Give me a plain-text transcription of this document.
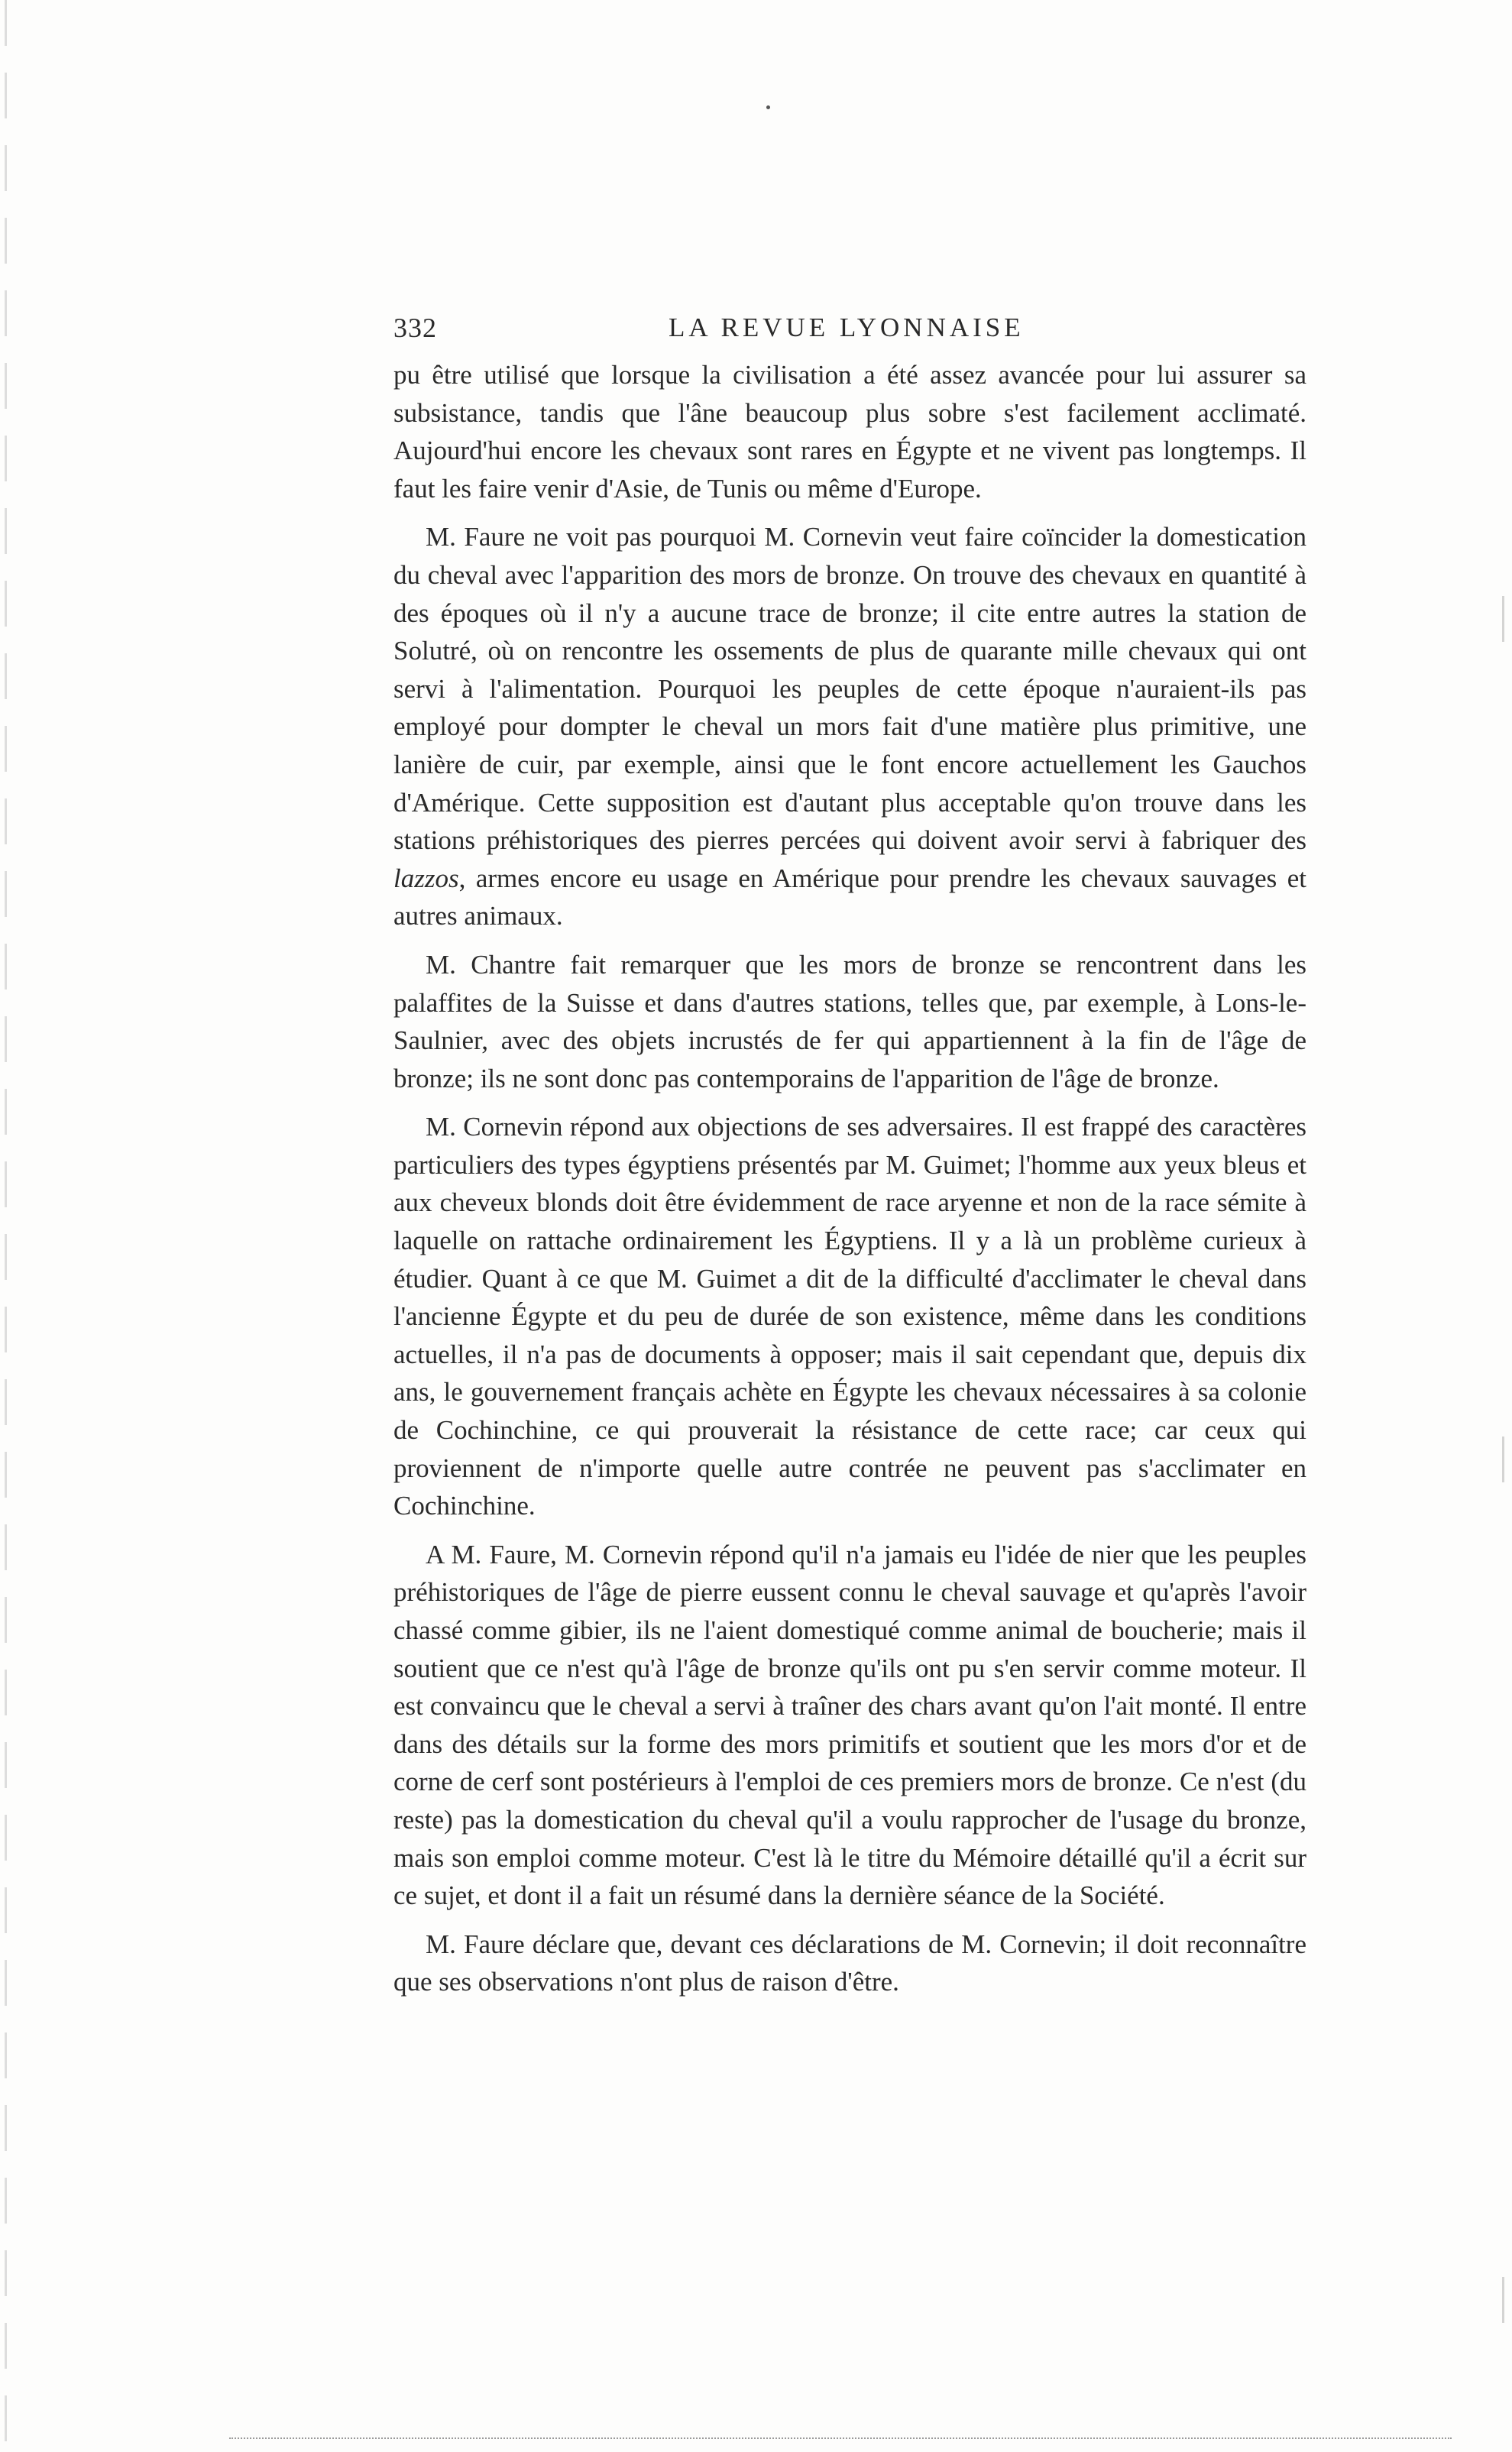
332	LA REVUE LYONNAISE

pu être utilisé que lorsque la civilisation a été assez avancée pour lui assurer sa subsistance, tandis que l'âne beaucoup plus sobre s'est facilement acclimaté. Aujourd'hui encore les chevaux sont rares en Égypte et ne vivent pas longtemps. Il faut les faire venir d'Asie, de Tunis ou même d'Europe.

M. Faure ne voit pas pourquoi M. Cornevin veut faire coïncider la domestication du cheval avec l'apparition des mors de bronze. On trouve des chevaux en quantité à des époques où il n'y a aucune trace de bronze; il cite entre autres la station de Solutré, où on rencontre les ossements de plus de quarante mille chevaux qui ont servi à l'alimentation. Pourquoi les peuples de cette époque n'auraient-ils pas employé pour dompter le cheval un mors fait d'une matière plus primitive, une lanière de cuir, par exemple, ainsi que le font encore actuellement les Gauchos d'Amérique. Cette supposition est d'autant plus acceptable qu'on trouve dans les stations préhistoriques des pierres percées qui doivent avoir servi à fabriquer des lazzos, armes encore eu usage en Amérique pour prendre les chevaux sauvages et autres animaux.

M. Chantre fait remarquer que les mors de bronze se rencontrent dans les palaffites de la Suisse et dans d'autres stations, telles que, par exemple, à Lons-le-Saulnier, avec des objets incrustés de fer qui appartiennent à la fin de l'âge de bronze; ils ne sont donc pas contemporains de l'apparition de l'âge de bronze.

M. Cornevin répond aux objections de ses adversaires. Il est frappé des caractères particuliers des types égyptiens présentés par M. Guimet; l'homme aux yeux bleus et aux cheveux blonds doit être évidemment de race aryenne et non de la race sémite à laquelle on rattache ordinairement les Égyptiens. Il y a là un problème curieux à étudier. Quant à ce que M. Guimet a dit de la difficulté d'acclimater le cheval dans l'ancienne Égypte et du peu de durée de son existence, même dans les conditions actuelles, il n'a pas de documents à opposer; mais il sait cependant que, depuis dix ans, le gouvernement français achète en Égypte les chevaux nécessaires à sa colonie de Cochinchine, ce qui prouverait la résistance de cette race; car ceux qui proviennent de n'importe quelle autre contrée ne peuvent pas s'acclimater en Cochinchine.

A M. Faure, M. Cornevin répond qu'il n'a jamais eu l'idée de nier que les peuples préhistoriques de l'âge de pierre eussent connu le cheval sauvage et qu'après l'avoir chassé comme gibier, ils ne l'aient domestiqué comme animal de boucherie; mais il soutient que ce n'est qu'à l'âge de bronze qu'ils ont pu s'en servir comme moteur. Il est convaincu que le cheval a servi à traîner des chars avant qu'on l'ait monté. Il entre dans des détails sur la forme des mors primitifs et soutient que les mors d'or et de corne de cerf sont postérieurs à l'emploi de ces premiers mors de bronze. Ce n'est (du reste) pas la domestication du cheval qu'il a voulu rapprocher de l'usage du bronze, mais son emploi comme moteur. C'est là le titre du Mémoire détaillé qu'il a écrit sur ce sujet, et dont il a fait un résumé dans la dernière séance de la Société.

M. Faure déclare que, devant ces déclarations de M. Cornevin; il doit reconnaître que ses observations n'ont plus de raison d'être.
